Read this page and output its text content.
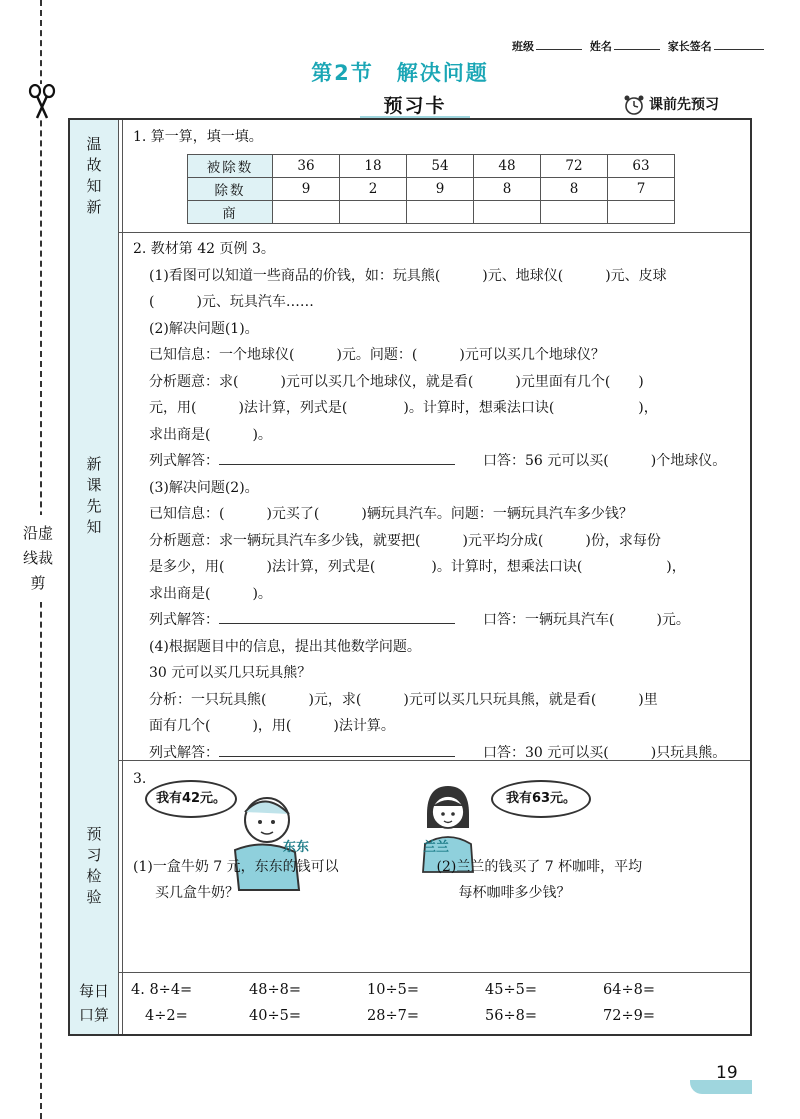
沿虚线裁剪
班级	姓名	家长签名
第2节　解决问题
预习卡	课前先预习
温故知新
1. 算一算，填一填。
被除数	36	18	54	48	72	63
除数	9	2	9	8	8	7
商						
新课先知
2. 教材第 42 页例 3。
(1)看图可以知道一些商品的价钱，如：玩具熊(　　　)元、地球仪(　　　)元、皮球
(　　　)元、玩具汽车……
(2)解决问题(1)。
已知信息：一个地球仪(　　　)元。问题：(　　　)元可以买几个地球仪？
分析题意：求(　　　)元可以买几个地球仪，就是看(　　　)元里面有几个(　　)
元，用(　　　)法计算，列式是(　　　　)。计算时，想乘法口诀(　　　　　　)，
求出商是(　　　)。
列式解答：　　	口答：56 元可以买(　　　)个地球仪。
(3)解决问题(2)。
已知信息：(　　　)元买了(　　　)辆玩具汽车。问题：一辆玩具汽车多少钱？
分析题意：求一辆玩具汽车多少钱，就要把(　　　)元平均分成(　　　)份，求每份
是多少，用(　　　)法计算，列式是(　　　　)。计算时，想乘法口诀(　　　　　　)，
求出商是(　　　)。
列式解答：　　	口答：一辆玩具汽车(　　　)元。
(4)根据题目中的信息，提出其他数学问题。
30 元可以买几只玩具熊？
分析：一只玩具熊(　　　)元，求(　　　)元可以买几只玩具熊，就是看(　　　)里
面有几个(　　　)，用(　　　)法计算。
列式解答：　　	口答：30 元可以买(　　　)只玩具熊。
预习检验
3.
我有42元。	我有63元。
东东	兰兰
(1)一盒牛奶 7 元，东东的钱可以
买几盒牛奶？
(2)兰兰的钱买了 7 杯咖啡，平均
每杯咖啡多少钱？
每日
口算
4. 8÷4=	48÷8=	10÷5=	45÷5=	64÷8=
4÷2=	40÷5=	28÷7=	56÷8=	72÷9=
19
